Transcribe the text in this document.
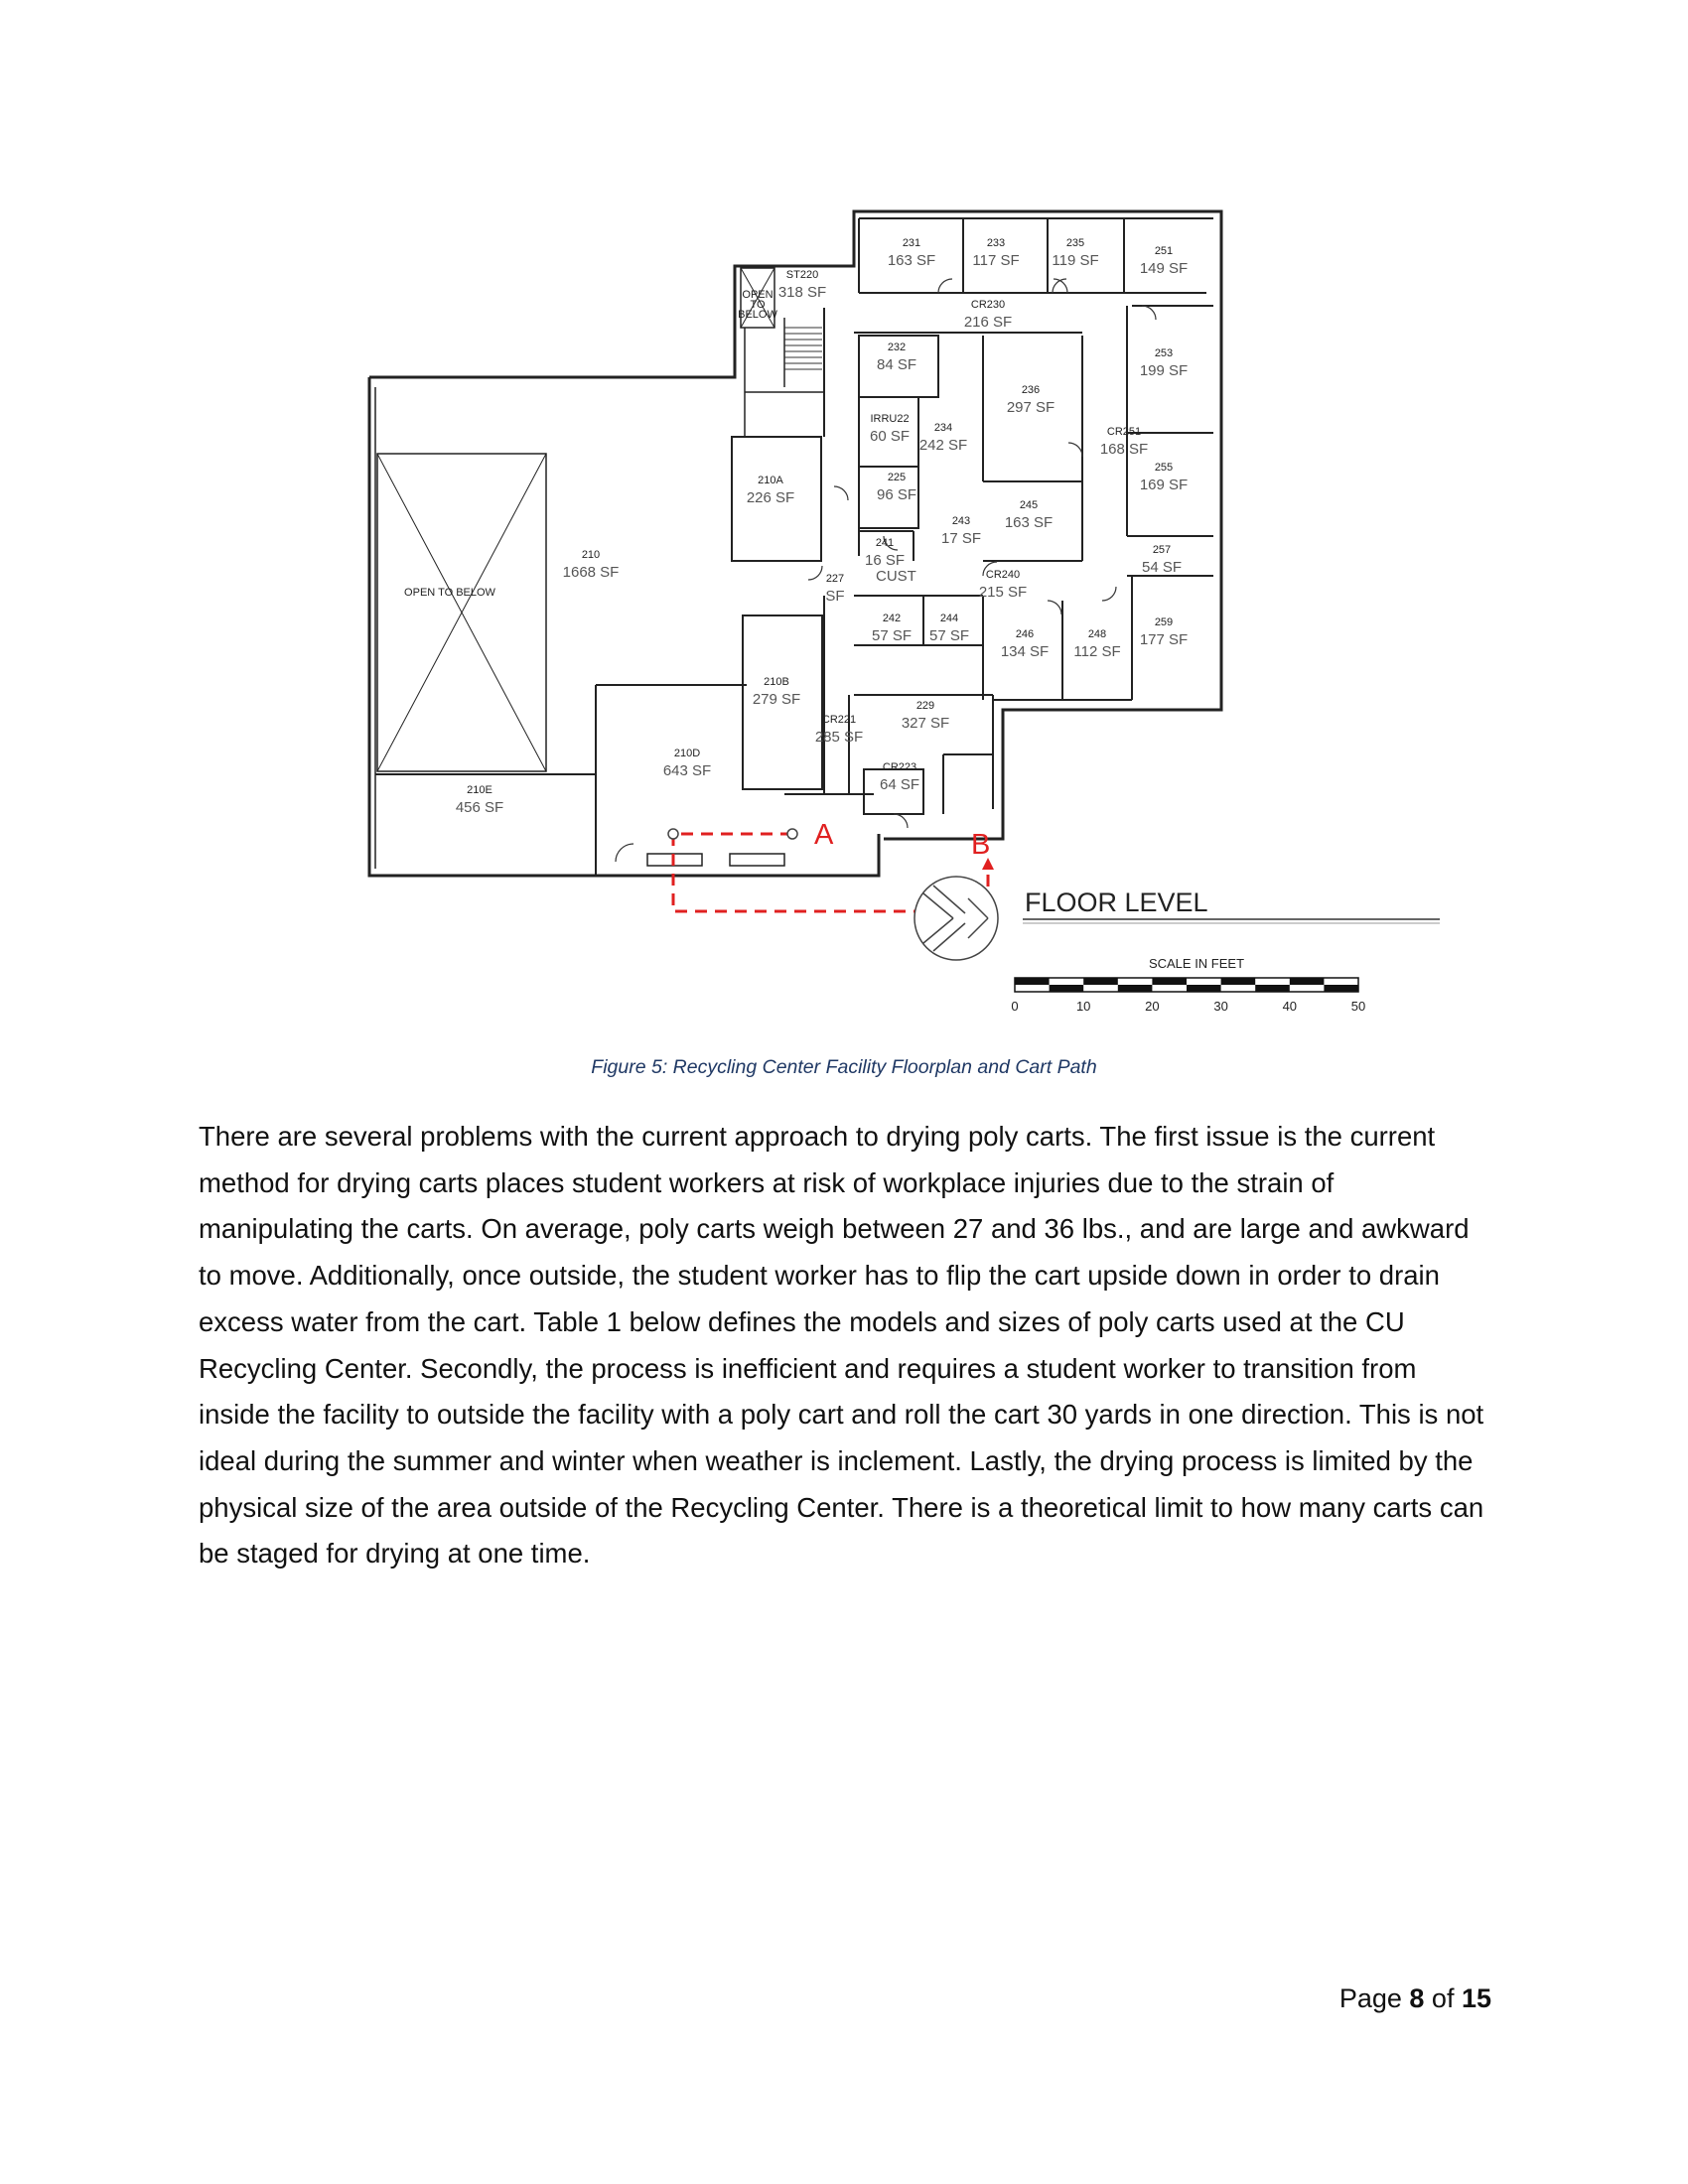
231
163 SF
233
117 SF
235
119 SF
251
149 SF
ST220
318 SF
CR230
216 SF
232
84 SF
236
297 SF
253
199 SF
IRRU22
60 SF 234
242 SF
CR251
168 SF
255
169 SF
210A
226 SF
225
96 SF
245
163 SF
210
1668 SF
241
16 SF
243
17 SF
257
54 SF
227
SF
CR240
215 SF
242
57 SF
244
57 SF	246
134 SF
248
112 SF
259
177 SF
210B
279 SF
CR221
285 SF
229
327 SF
210D
643 SF	CR223
64 SF
210E
456 SF
OPEN TO BELOW
OPEN
TO
BELOW
CUST
A	B
FLOOR LEVEL
SCALE IN FEET
0	10	20	30	40	50
Figure 5: Recycling Center Facility Floorplan and Cart Path

There are several problems with the current approach to drying poly carts. The first issue is the current method for drying carts places student workers at risk of workplace injuries due to the strain of manipulating the carts. On average, poly carts weigh between 27 and 36 lbs., and are large and awkward to move. Additionally, once outside, the student worker has to flip the cart upside down in order to drain excess water from the cart. Table 1 below defines the models and sizes of poly carts used at the CU Recycling Center. Secondly, the process is inefficient and requires a student worker to transition from inside the facility to outside the facility with a poly cart and roll the cart 30 yards in one direction. This is not ideal during the summer and winter when weather is inclement. Lastly, the drying process is limited by the physical size of the area outside of the Recycling Center. There is a theoretical limit to how many carts can be staged for drying at one time.

Page 8 of 15
